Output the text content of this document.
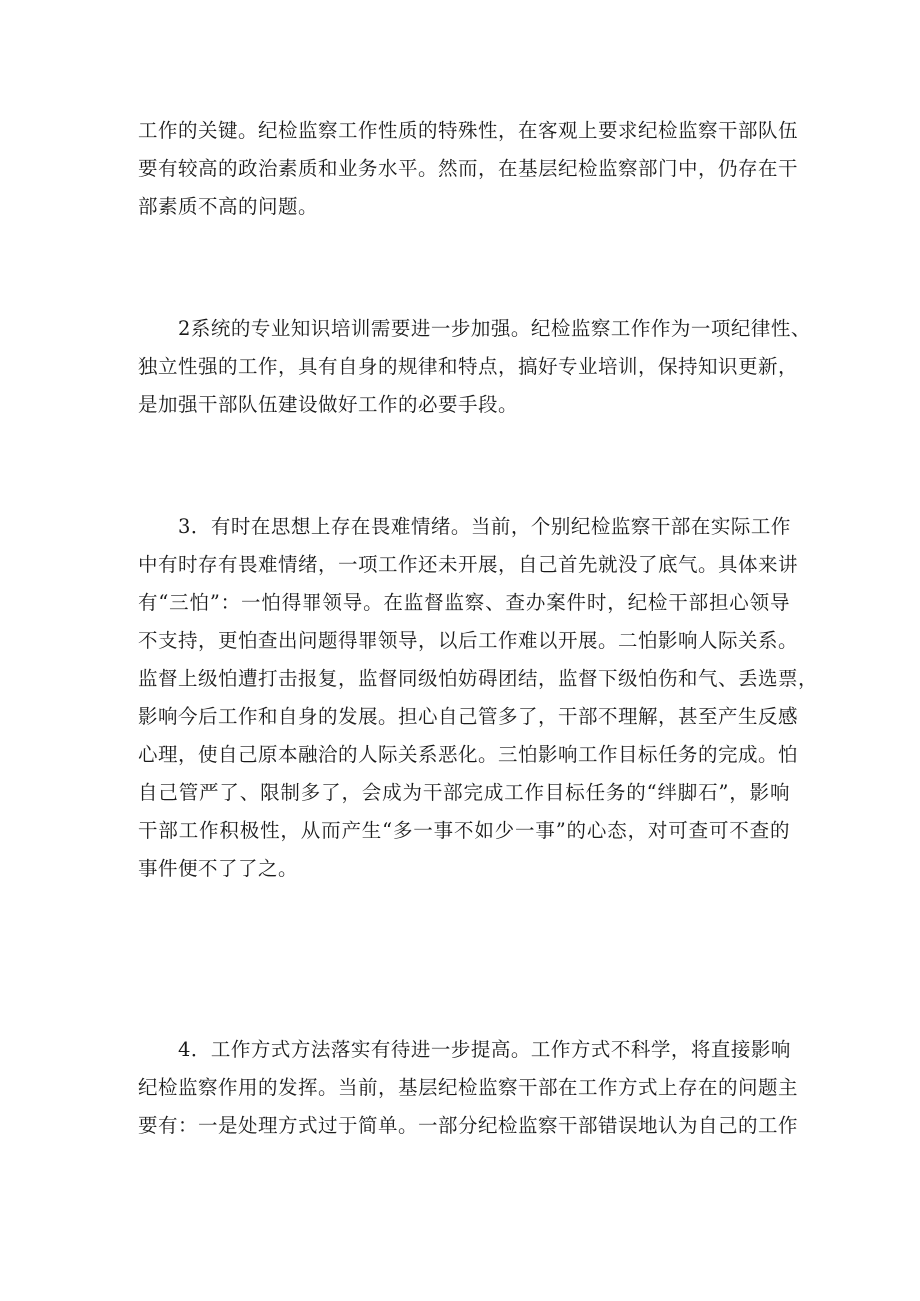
工作的关键。纪检监察工作性质的特殊性，在客观上要求纪检监察干部队伍
要有较高的政治素质和业务水平。然而，在基层纪检监察部门中，仍存在干
部素质不高的问题。
　　2系统的专业知识培训需要进一步加强。纪检监察工作作为一项纪律性、
独立性强的工作，具有自身的规律和特点，搞好专业培训，保持知识更新，
是加强干部队伍建设做好工作的必要手段。
　　3．有时在思想上存在畏难情绪。当前，个别纪检监察干部在实际工作
中有时存有畏难情绪，一项工作还未开展，自己首先就没了底气。具体来讲
有“三怕”：一怕得罪领导。在监督监察、查办案件时，纪检干部担心领导
不支持，更怕查出问题得罪领导，以后工作难以开展。二怕影响人际关系。
监督上级怕遭打击报复，监督同级怕妨碍团结，监督下级怕伤和气、丢选票，
影响今后工作和自身的发展。担心自己管多了，干部不理解，甚至产生反感
心理，使自己原本融洽的人际关系恶化。三怕影响工作目标任务的完成。怕
自己管严了、限制多了，会成为干部完成工作目标任务的“绊脚石”，影响
干部工作积极性，从而产生“多一事不如少一事”的心态，对可查可不查的
事件便不了了之。
　　4．工作方式方法落实有待进一步提高。工作方式不科学，将直接影响
纪检监察作用的发挥。当前，基层纪检监察干部在工作方式上存在的问题主
要有：一是处理方式过于简单。一部分纪检监察干部错误地认为自己的工作
